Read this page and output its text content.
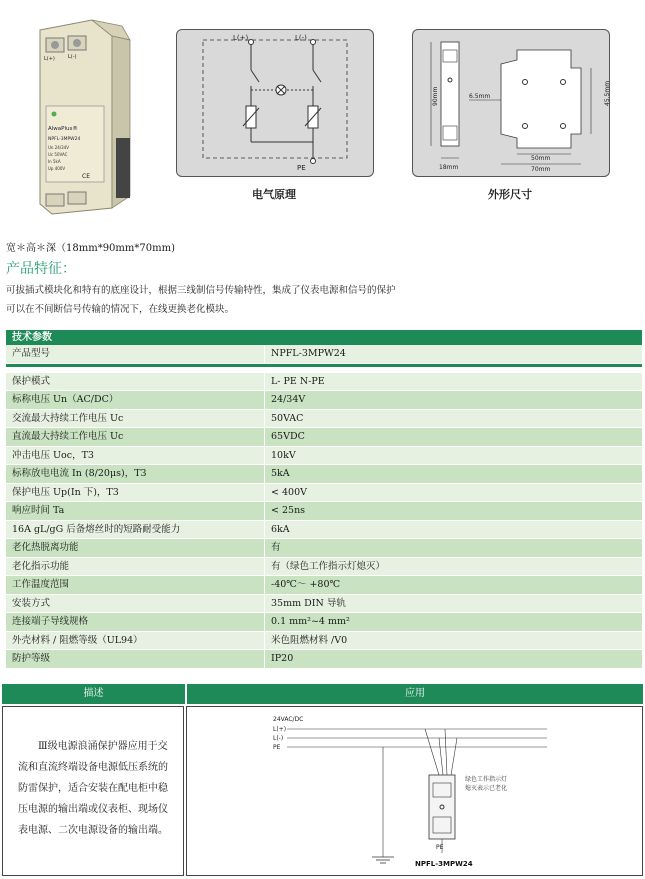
L(+)	L(-)
AlwaPlus®
NPFL-3MPW24
Un 24/34V
Uc 50VAC
In 5kA
Up 400V
CE
L(+)	L(-)
PE
电气原理
90mm
18mm
6.5mm	45.5mm
50mm
70mm
外形尺寸
宽＊高＊深（18mm*90mm*70mm)
产品特征：
可拔插式模块化和特有的底座设计，根据三线制信号传输特性，集成了仪表电源和信号的保护
可以在不间断信号传输的情况下，在线更换老化模块。
技术参数
产品型号	NPFL-3MPW24
保护模式	L- PE N-PE
标称电压 Un（AC/DC）	24/34V
交流最大持续工作电压 Uc	50VAC
直流最大持续工作电压 Uc	65VDC
冲击电压 Uoc，T3	10kV
标称放电电流 In (8/20μs)，T3	5kA
保护电压 Up(In 下)，T3	< 400V
响应时间 Ta	< 25ns
16A gL/gG 后备熔丝时的短路耐受能力	6kA
老化热脱离功能	有
老化指示功能	有（绿色工作指示灯熄灭）
工作温度范围	-40℃～ +80℃
安装方式	35mm DIN 导轨
连接端子导线规格	0.1 mm²~4 mm²
外壳材料 / 阻燃等级（UL94）	米色阻燃材料 /V0
防护等级	IP20
描述	应用
Ⅲ级电源浪涌保护器应用于交流和直流终端设备电源低压系统的防雷保护，适合安装在配电柜中稳压电源的输出端或仪表柜、现场仪表电源、二次电源设备的输出端。
24VAC/DC
L(+)
L(-)
PE
PE
NPFL-3MPW24
绿色工作指示灯
熄灭表示已老化
